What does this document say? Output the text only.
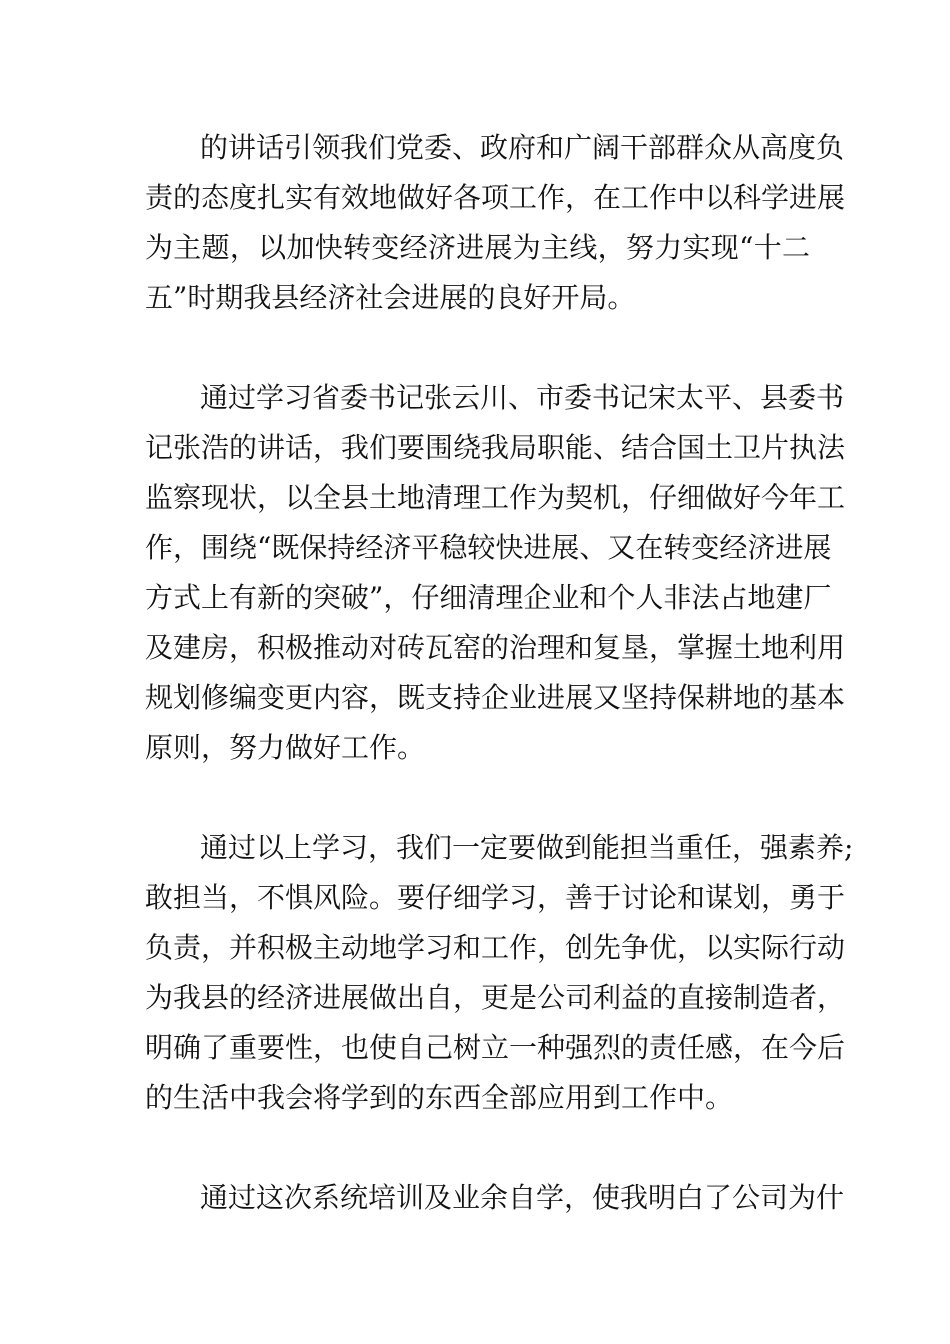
的讲话引领我们党委、政府和广阔干部群众从高度负
责的态度扎实有效地做好各项工作，在工作中以科学进展
为主题，以加快转变经济进展为主线，努力实现“十二
五”时期我县经济社会进展的良好开局。
通过学习省委书记张云川、市委书记宋太平、县委书
记张浩的讲话，我们要围绕我局职能、结合国土卫片执法
监察现状，以全县土地清理工作为契机，仔细做好今年工
作，围绕“既保持经济平稳较快进展、又在转变经济进展
方式上有新的突破”，仔细清理企业和个人非法占地建厂
及建房，积极推动对砖瓦窑的治理和复垦，掌握土地利用
规划修编变更内容，既支持企业进展又坚持保耕地的基本
原则，努力做好工作。
通过以上学习，我们一定要做到能担当重任，强素养;
敢担当，不惧风险。要仔细学习，善于讨论和谋划，勇于
负责，并积极主动地学习和工作，创先争优，以实际行动
为我县的经济进展做出自，更是公司利益的直接制造者，
明确了重要性，也使自己树立一种强烈的责任感，在今后
的生活中我会将学到的东西全部应用到工作中。
通过这次系统培训及业余自学，使我明白了公司为什
